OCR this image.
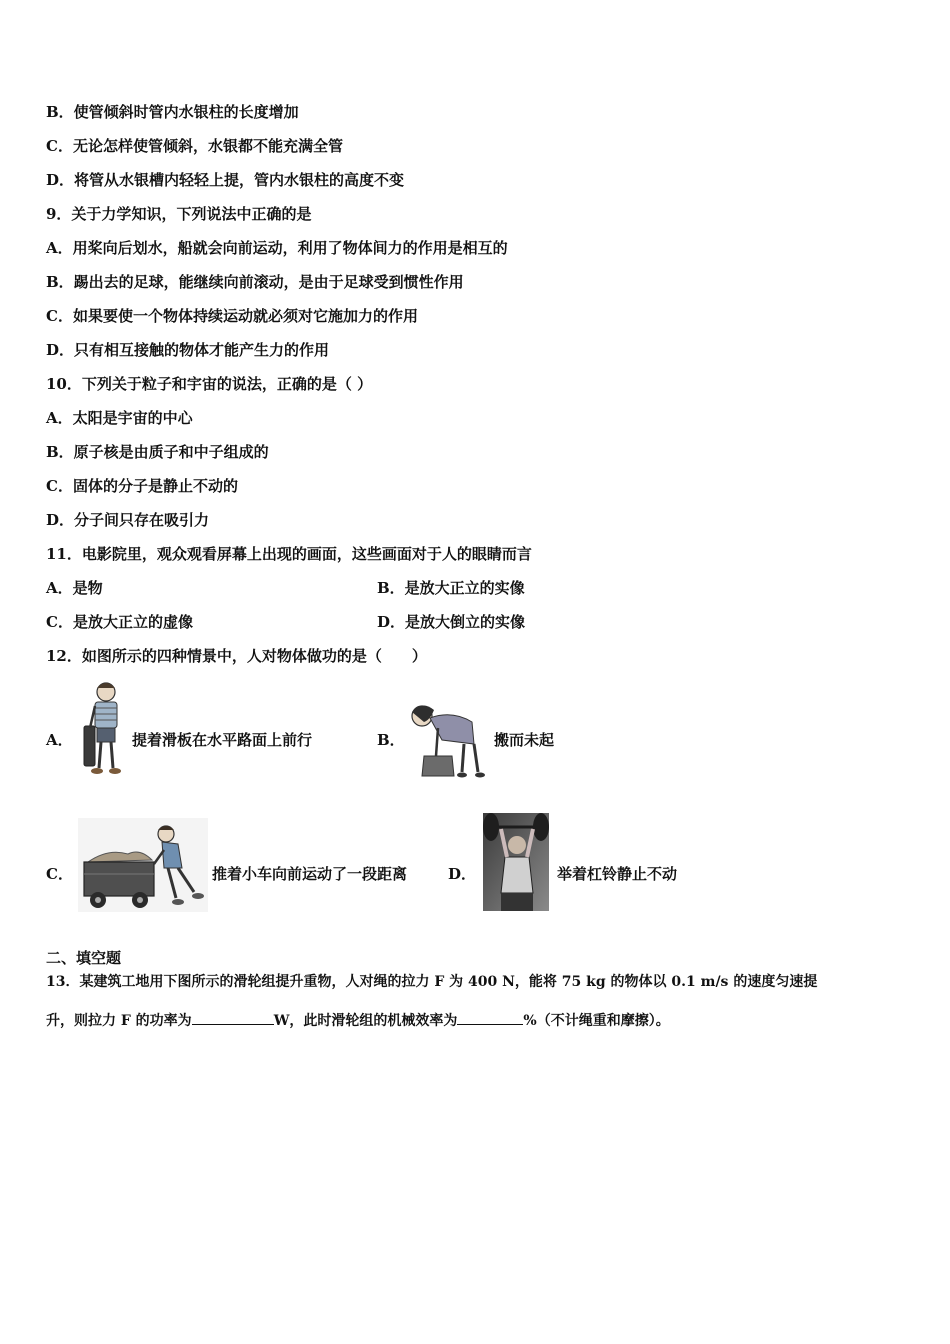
B．使管倾斜时管内水银柱的长度增加
C．无论怎样使管倾斜，水银都不能充满全管
D．将管从水银槽内轻轻上提，管内水银柱的高度不变
9．关于力学知识，下列说法中正确的是
A．用桨向后划水，船就会向前运动，利用了物体间力的作用是相互的
B．踢出去的足球，能继续向前滚动，是由于足球受到惯性作用
C．如果要使一个物体持续运动就必须对它施加力的作用
D．只有相互接触的物体才能产生力的作用
10．下列关于粒子和宇宙的说法，正确的是（ ）
A．太阳是宇宙的中心
B．原子核是由质子和中子组成的
C．固体的分子是静止不动的
D．分子间只存在吸引力
11．电影院里，观众观看屏幕上出现的画面，这些画面对于人的眼睛而言
A．是物	B．是放大正立的实像
C．是放大正立的虚像	D．是放大倒立的实像
12．如图所示的四种情景中，人对物体做功的是（　　）
A．	提着滑板在水平路面上前行	B．	搬而未起
C．	推着小车向前运动了一段距离	D．	举着杠铃静止不动
二、填空题
13．某建筑工地用下图所示的滑轮组提升重物，人对绳的拉力 F 为 400 N，能将 75 kg 的物体以 0.1 m/s 的速度匀速提
升，则拉力 F 的功率为	W，此时滑轮组的机械效率为	%（不计绳重和摩擦）。
